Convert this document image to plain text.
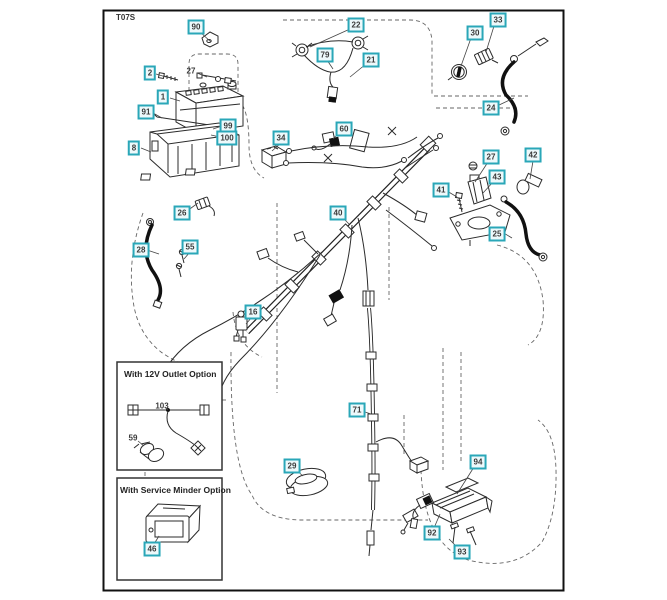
T07S
With 12V Outlet Option
With Service Minder Option
90	22
79
21
33
30
24
2
1
91
8
99
100	34
60
27	42
43
41
25
26
28	55
40
16
29
71
94
92
93
46
27
103
59
